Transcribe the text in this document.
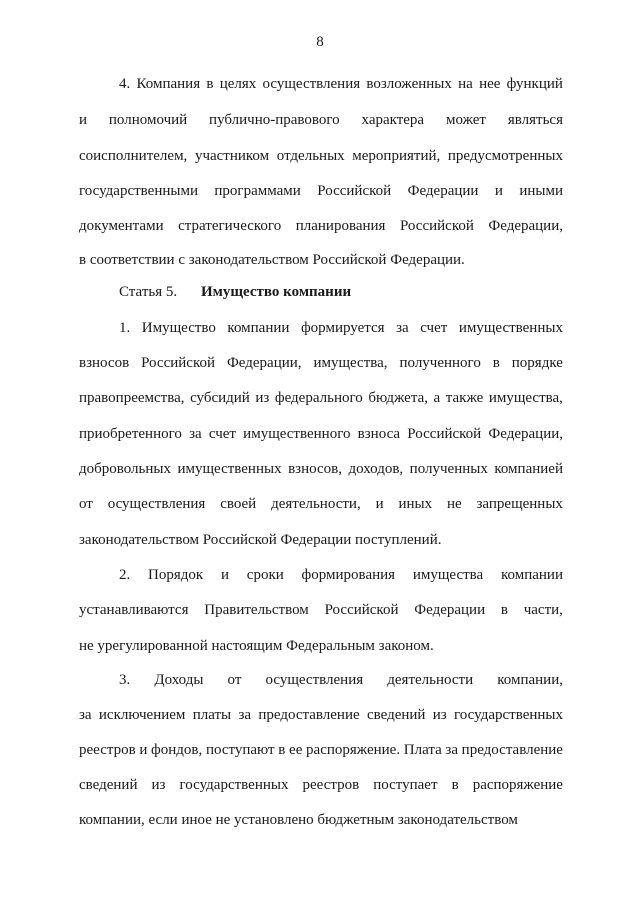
8
Статья 5. Имущество компании
4. Компания в целях осуществления возложенных на нее функций
и полномочий публично-правового характера может являться
соисполнителем, участником отдельных мероприятий, предусмотренных
государственными программами Российской Федерации и иными
документами стратегического планирования Российской Федерации,
в соответствии с законодательством Российской Федерации.
1. Имущество компании формируется за счет имущественных
взносов Российской Федерации, имущества, полученного в порядке
правопреемства, субсидий из федерального бюджета, а также имущества,
приобретенного за счет имущественного взноса Российской Федерации,
добровольных имущественных взносов, доходов, полученных компанией
от осуществления своей деятельности, и иных не запрещенных
законодательством Российской Федерации поступлений.
2. Порядок и сроки формирования имущества компании
устанавливаются Правительством Российской Федерации в части,
не урегулированной настоящим Федеральным законом.
3. Доходы от осуществления деятельности компании,
за исключением платы за предоставление сведений из государственных
реестров и фондов, поступают в ее распоряжение. Плата за предоставление
сведений из государственных реестров поступает в распоряжение
компании, если иное не установлено бюджетным законодательством
